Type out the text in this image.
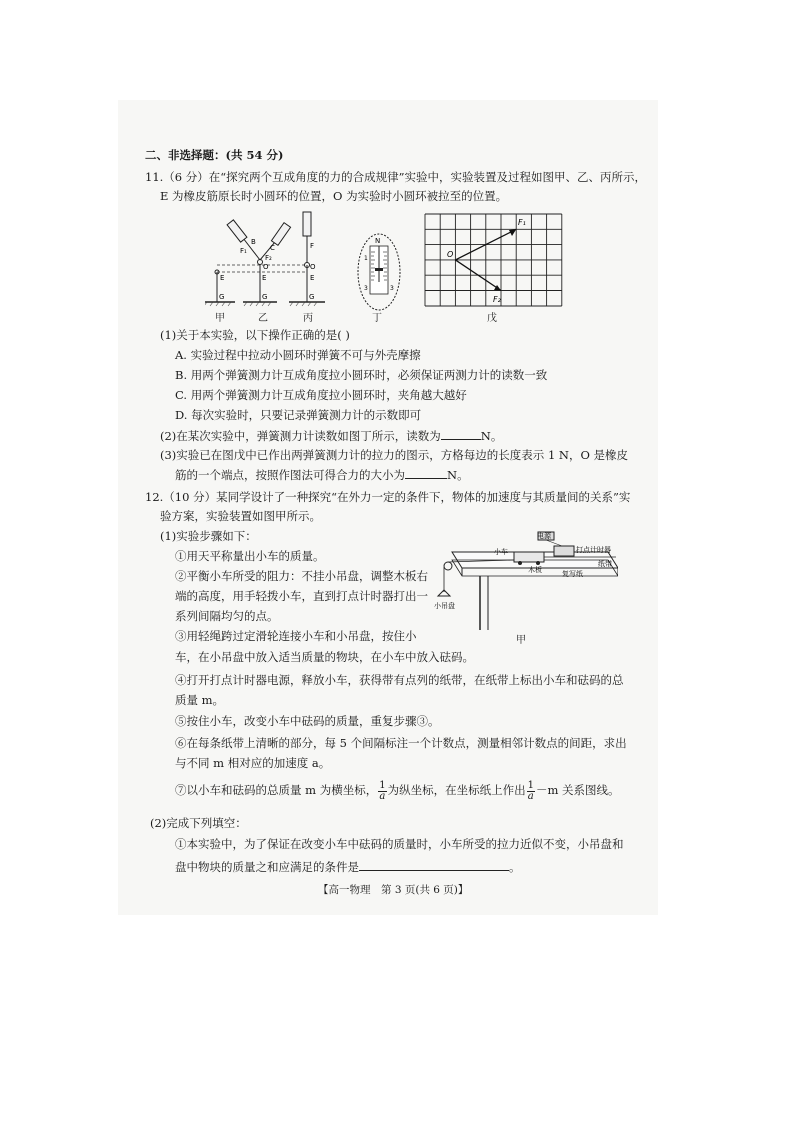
二、非选择题：(共 54 分)
11.（6 分）在“探究两个互成角度的力的合成规律”实验中，实验装置及过程如图甲、乙、丙所示，
E 为橡皮筋原长时小圆环的位置，O 为实验时小圆环被拉至的位置。
B
C
F₁
F₂
F
O	O
E	E	E
G	G	G
甲	乙	丙
N
1
3	3
丁
O
F₁
F₂
戊
(1)关于本实验，以下操作正确的是( )
A. 实验过程中拉动小圆环时弹簧不可与外壳摩擦
B. 用两个弹簧测力计互成角度拉小圆环时，必须保证两测力计的读数一致
C. 用两个弹簧测力计互成角度拉小圆环时，夹角越大越好
D. 每次实验时，只要记录弹簧测力计的示数即可
(2)在某次实验中，弹簧测力计读数如图丁所示，读数为	N。
(3)实验已在图戊中已作出两弹簧测力计的拉力的图示，方格每边的长度表示 1 N，O 是橡皮
筋的一个端点，按照作图法可得合力的大小为	N。
12.（10 分）某同学设计了一种探究“在外力一定的条件下，物体的加速度与其质量间的关系”实
验方案，实验装置如图甲所示。
(1)实验步骤如下：
①用天平称量出小车的质量。
②平衡小车所受的阻力：不挂小吊盘，调整木板右
端的高度，用手轻拨小车，直到打点计时器打出一
系列间隔均匀的点。
③用轻绳跨过定滑轮连接小车和小吊盘，按住小
车，在小吊盘中放入适当质量的物块，在小车中放入砝码。
电源
小车	打点计时器
纸带
木板	复写纸
小吊盘
甲
④打开打点计时器电源，释放小车，获得带有点列的纸带，在纸带上标出小车和砝码的总
质量 m。
⑤按住小车，改变小车中砝码的质量，重复步骤③。
⑥在每条纸带上清晰的部分，每 5 个间隔标注一个计数点，测量相邻计数点的间距，求出
与不同 m 相对应的加速度 a。
⑦以小车和砝码的总质量 m 为横坐标， $\frac{1}{a}$ 为纵坐标，在坐标纸上作出 $\frac{1}{a} -m$ 关系图线。
(2)完成下列填空：
①本实验中，为了保证在改变小车中砝码的质量时，小车所受的拉力近似不变，小吊盘和
盘中物块的质量之和应满足的条件是	。
【高一物理　第 3 页(共 6 页)】
